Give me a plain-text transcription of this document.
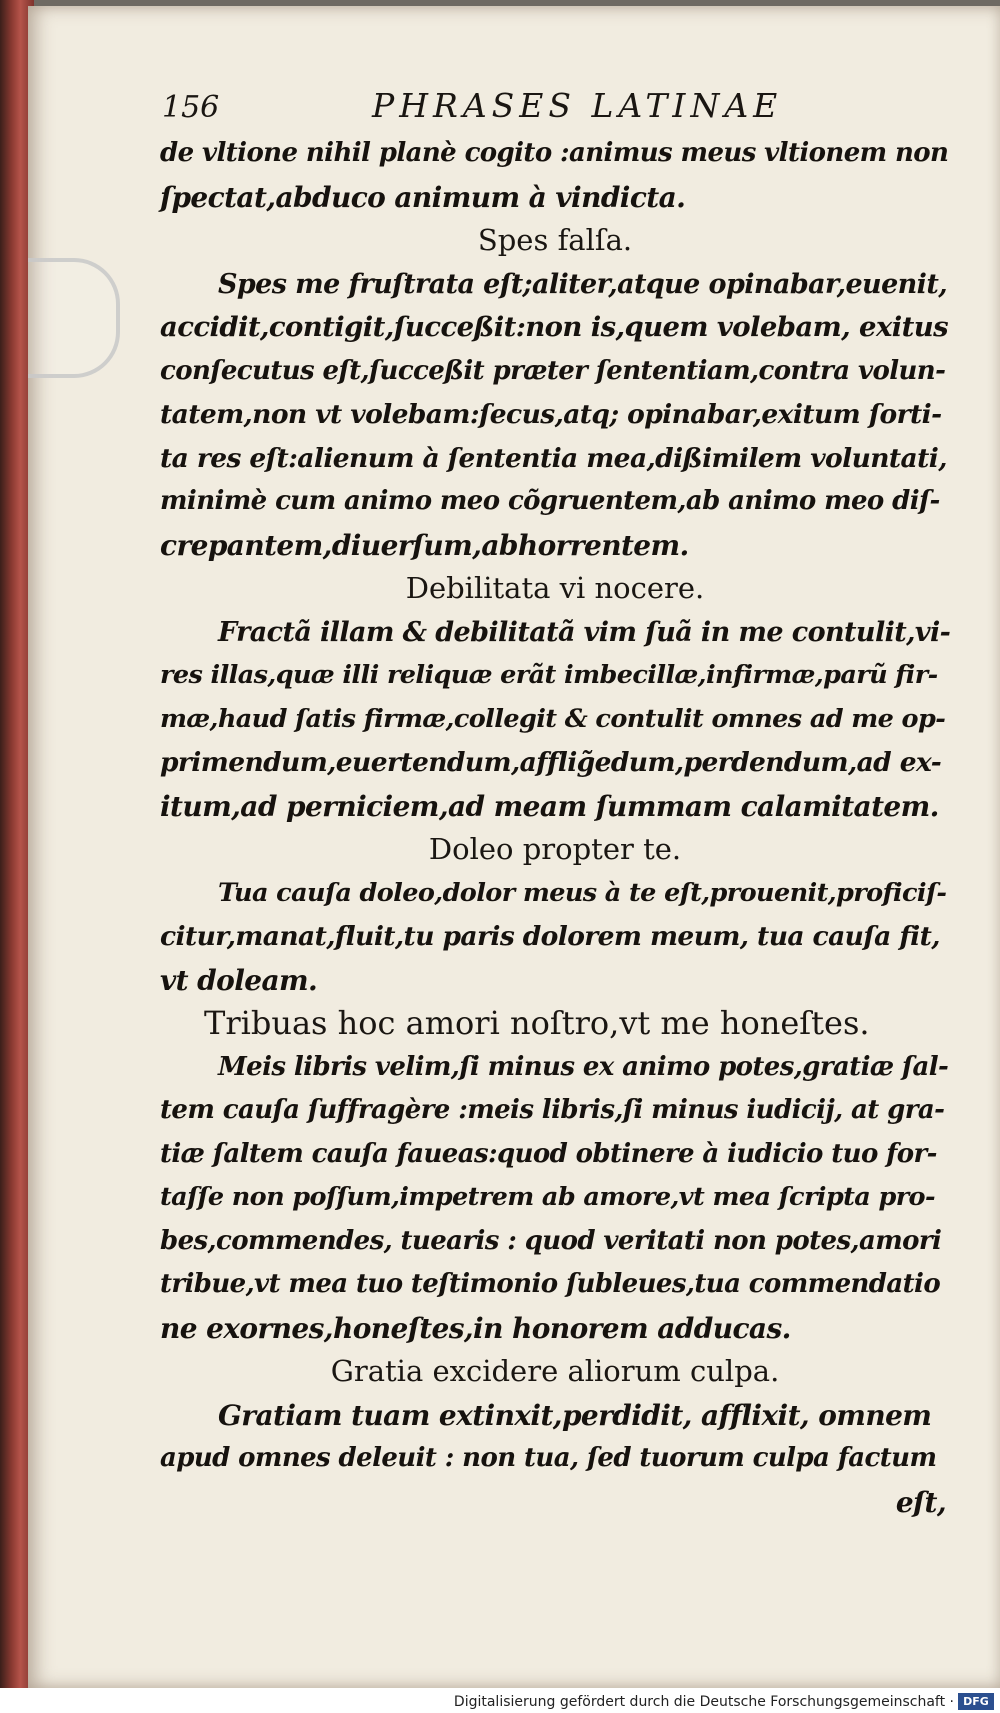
156	PHRASES LATINAE
de vltione nihil planè cogito :animus meus vltionem non
ſpectat,abduco animum à vindicta.
Spes falſa.
Spes me fruſtrata eſt;aliter,atque opinabar,euenit,
accidit,contigit,ſucceßit:non is,quem volebam, exitus
conſecutus eſt,ſucceßit præter ſententiam,contra volun-
tatem,non vt volebam:ſecus,atq; opinabar,exitum ſorti-
ta res eſt:alienum à ſententia mea,dißimilem voluntati,
minimè cum animo meo cõgruentem,ab animo meo diſ-
crepantem,diuerſum,abhorrentem.
Debilitata vi nocere.
Fractã illam & debilitatã vim ſuã in me contulit,vi-
res illas,quæ illi reliquæ erãt imbecillæ,infirmæ,parũ fir-
mæ,haud ſatis firmæ,collegit & contulit omnes ad me op-
primendum,euertendum,afflig̃edum,perdendum,ad ex-
itum,ad perniciem,ad meam ſummam calamitatem.
Doleo propter te.
Tua cauſa doleo,dolor meus à te eſt,prouenit,proficiſ-
citur,manat,fluit,tu paris dolorem meum, tua cauſa fit,
vt doleam.
Tribuas hoc amori noſtro,vt me honeſtes.
Meis libris velim,ſi minus ex animo potes,gratiæ ſal-
tem cauſa ſuffragère :meis libris,ſi minus iudicij, at gra-
tiæ ſaltem cauſa faueas:quod obtinere à iudicio tuo for-
taſſe non poſſum,impetrem ab amore,vt mea ſcripta pro-
bes,commendes, tuearis : quod veritati non potes,amori
tribue,vt mea tuo teſtimonio ſubleues,tua commendatio
ne exornes,honeſtes,in honorem adducas.
Gratia excidere aliorum culpa.
Gratiam tuam extinxit,perdidit, afflixit, omnem
apud omnes deleuit : non tua, ſed tuorum culpa factum
eſt,
Digitalisierung gefördert durch die Deutsche Forschungsgemeinschaft · DFG
